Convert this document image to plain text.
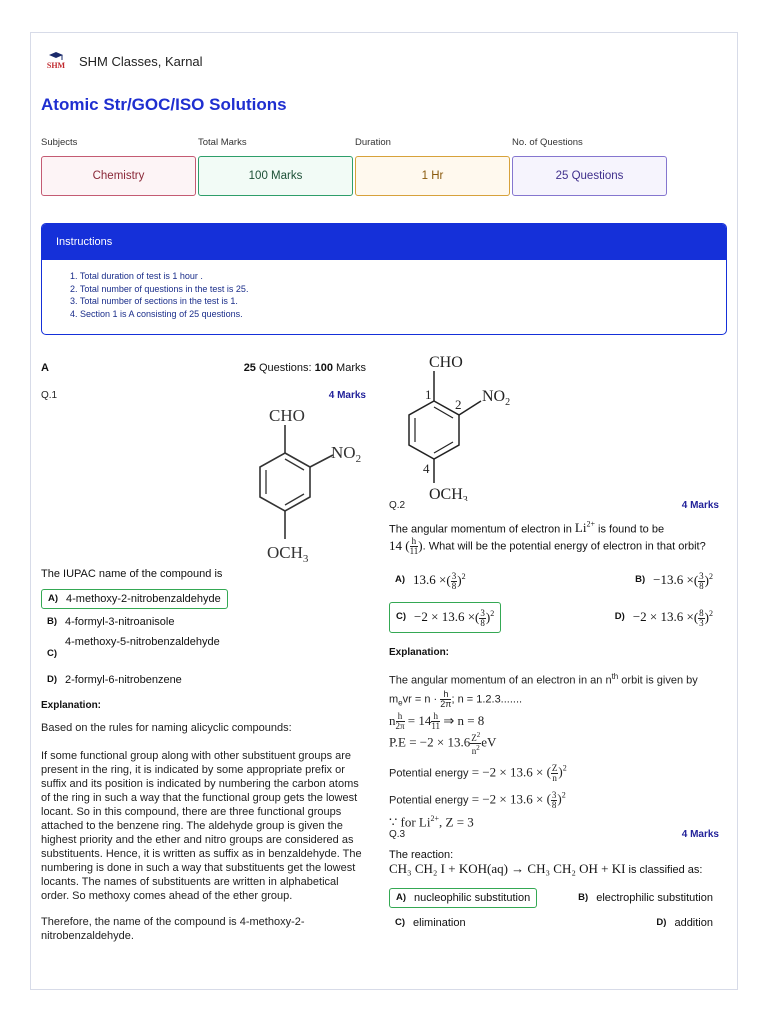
SHM SHM Classes, Karnal
Atomic Str/GOC/ISO Solutions
Subjects	Total Marks	Duration	No. of Questions
Chemistry	100 Marks	1 Hr	25 Questions
Instructions
1. Total duration of test is 1 hour .
2. Total number of questions in the test is 25.
3. Total number of sections in the test is 1.
4. Section 1 is A consisting of 25 questions.
A	25 Questions: 100 Marks
Q.1	4 Marks
CHO
$NO_2$
$OCH_3$
The IUPAC name of the compound is
A) 4-methoxy-2-nitrobenzaldehyde
B) 4-formyl-3-nitroanisole
C)
4-methoxy-5-nitrobenzaldehyde
D) 2-formyl-6-nitrobenzene
Explanation:

Based on the rules for naming alicyclic compounds:

If some functional group along with other substituent groups are present in the ring, it is indicated by some appropriate prefix or suffix and its position is indicated by numbering the carbon atoms of the ring in such a way that the functional group gets the lowest locant. So in this compound, there are three functional groups attached to the benzene ring. The aldehyde group is given the highest priority and the ether and nitro groups are considered as substituents. Hence, it is written as suffix as in benzaldehyde. The numbering is done in such a way that substituents get the lowest locants. The names of substituents are written in alphabetical order. So methoxy comes ahead of the ether group.

Therefore, the name of the compound is 4-methoxy-2-nitrobenzaldehyde.

CHO
$NO_2$
$OCH_3$
1
2
4
Q.2	4 Marks
The angular momentum of electron in $Li^{2+}$ is found to be
14 ( $\frac{h}{11}$ ). What will be the potential energy of electron in that orbit?
A) 13.6 × ( $\frac{3}{8} )^2$	B) −13.6 × ( $\frac{3}{8} )^2$
C) −2 × 13.6 × ( $\frac{3}{8} )^2$	D) −2 × 13.6 × ( $\frac{8}{3} )^2$
Explanation:
The angular momentum of an electron in an $n^{th}$ orbit is given by
$m_evr = n \cdot \frac{h}{2\pi}$ ; n = 1.2.3.......
n $\frac{h}{2\pi} = 14 \frac{h}{11}$ ⇒ n = 8
$P.E = -2 \times 13.6 \frac{Z^2}{n^2}$ eV
Potential energy = −2 × 13.6 × ( $\frac{Z}{n} )^2$
Potential energy = −2 × 13.6 × ( $\frac{3}{8} )^2$
∵ for $Li^{2+}$, Z = 3
Q.3	4 Marks
The reaction:
CH₃ CH₂ I + KOH(aq) → CH₃ CH₂ OH + KI is classified as:
A) nucleophilic substitution	B) electrophilic substitution
C) elimination	D) addition
